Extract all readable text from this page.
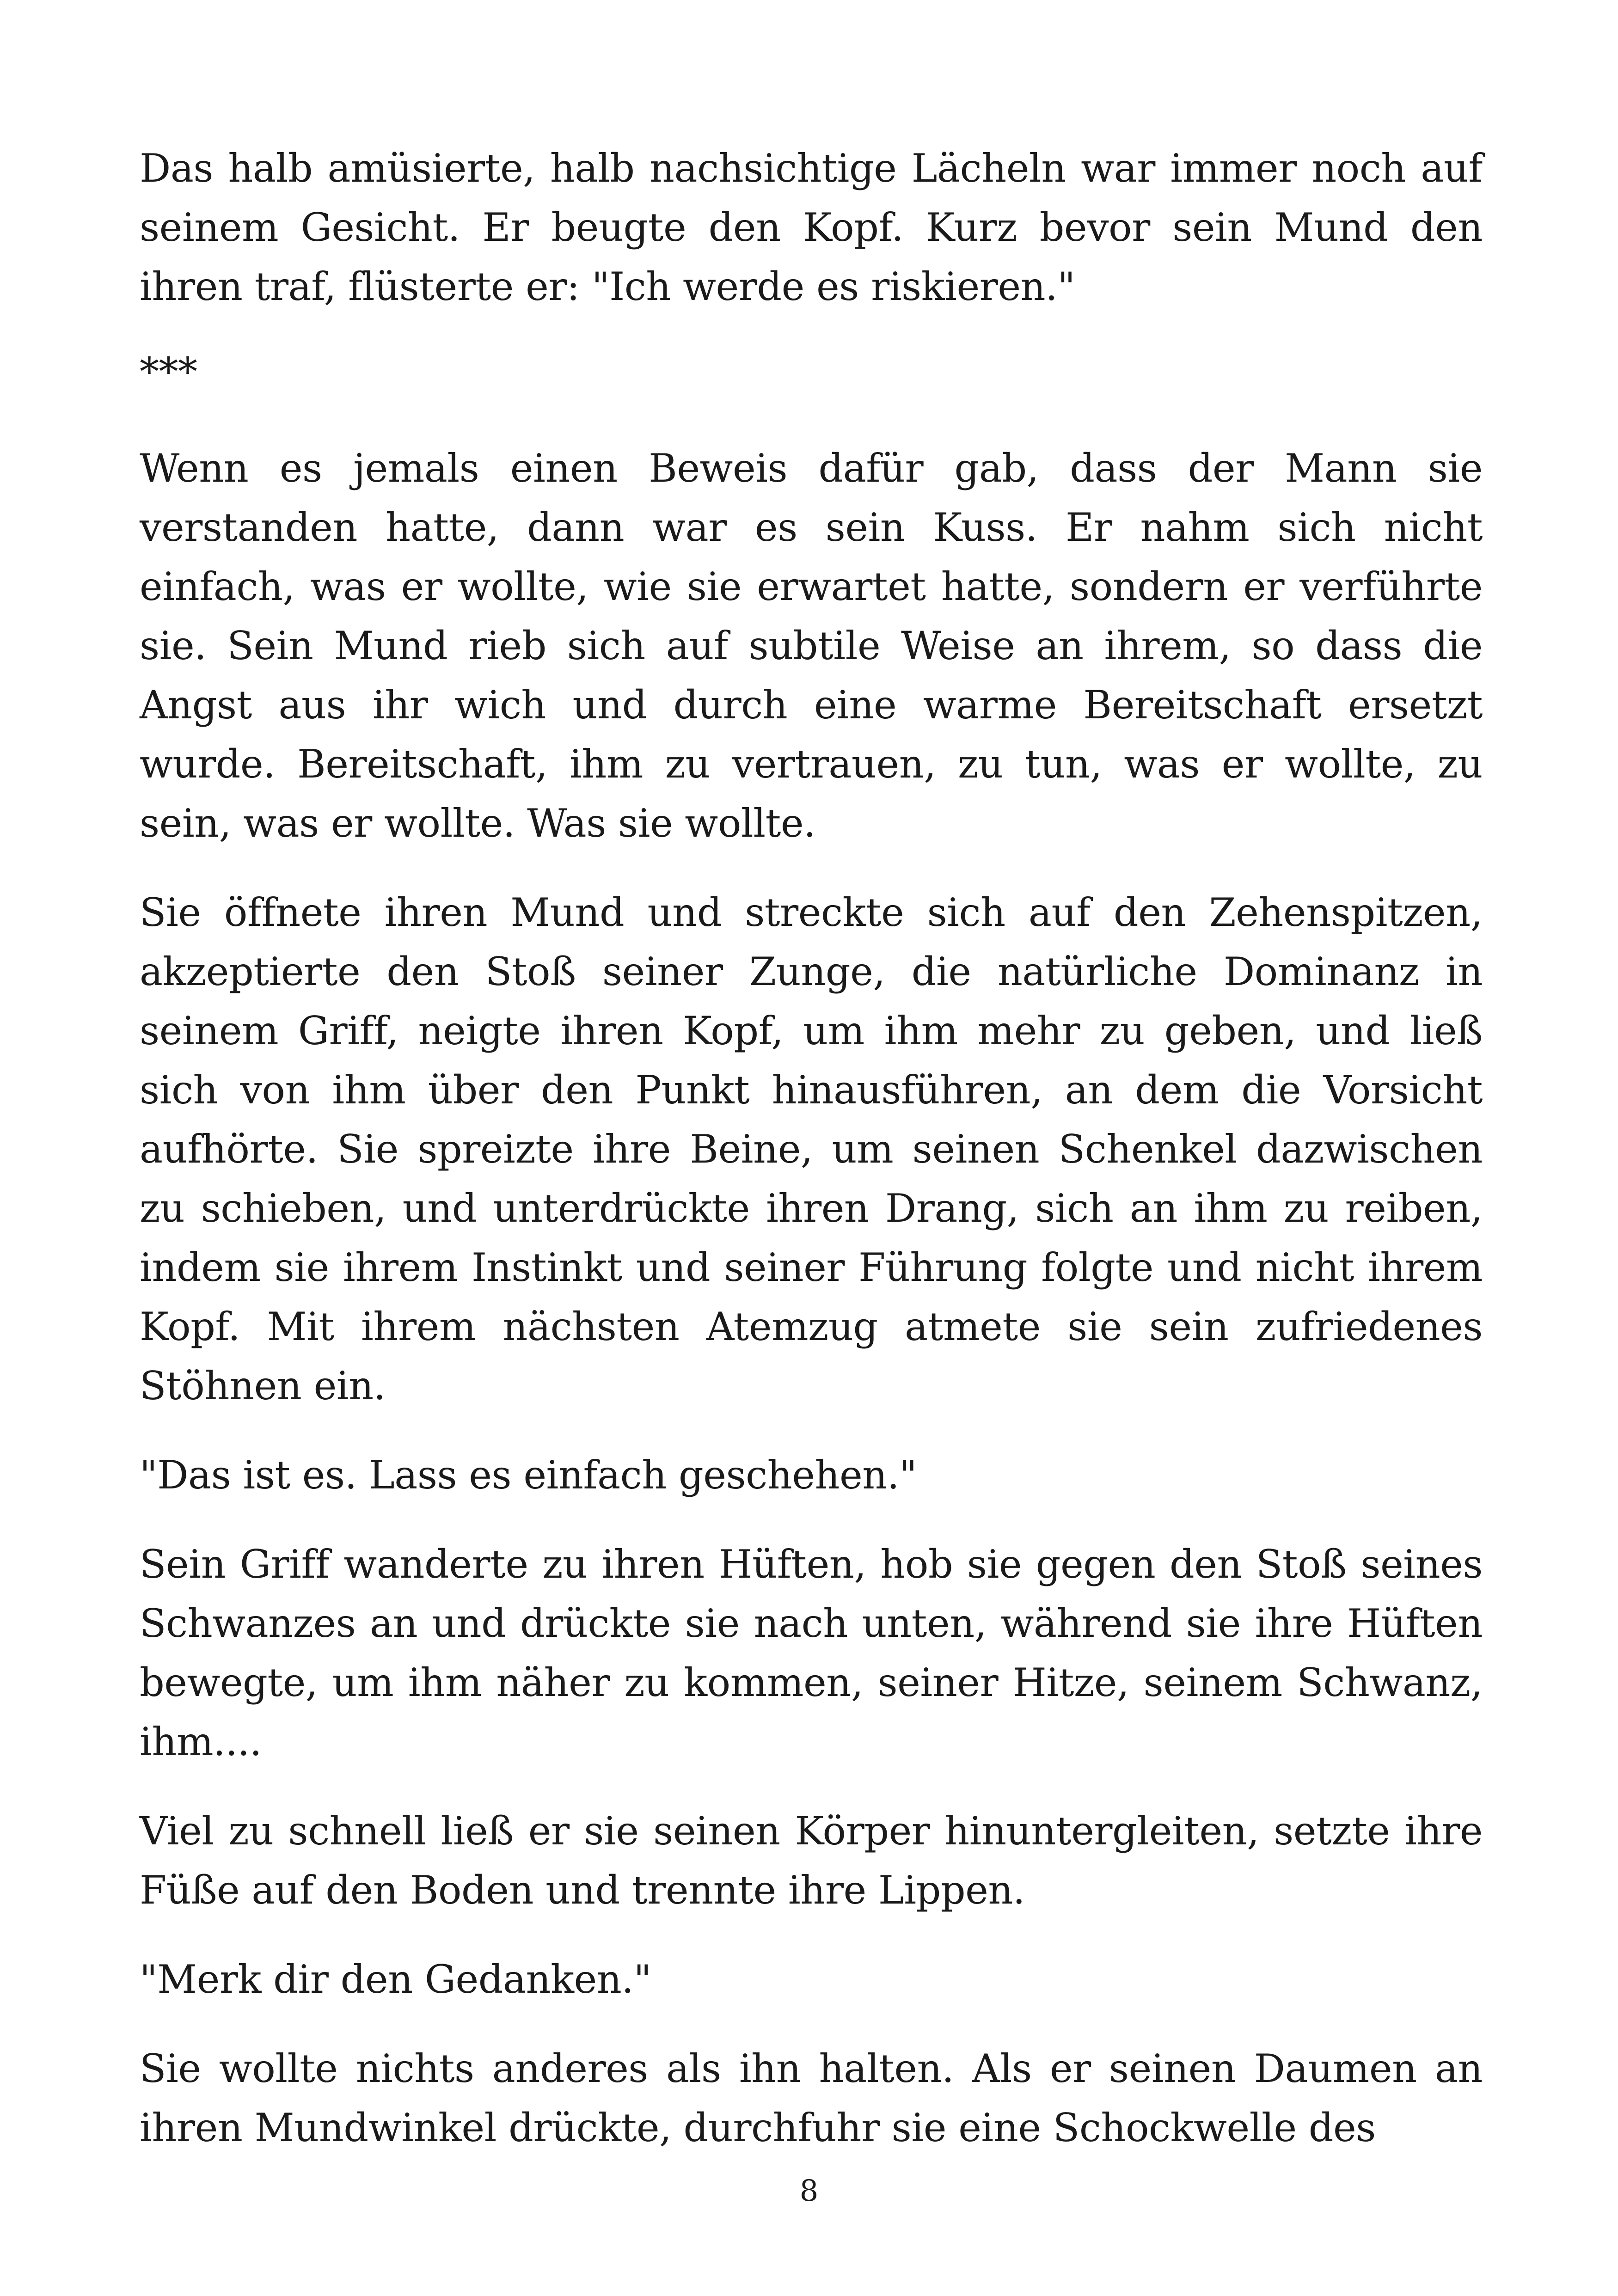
Das halb amüsierte, halb nachsichtige Lächeln war immer noch auf seinem Gesicht. Er beugte den Kopf. Kurz bevor sein Mund den ihren traf, flüsterte er: "Ich werde es riskieren."

***

Wenn es jemals einen Beweis dafür gab, dass der Mann sie verstanden hatte, dann war es sein Kuss. Er nahm sich nicht einfach, was er wollte, wie sie erwartet hatte, sondern er verführte sie. Sein Mund rieb sich auf subtile Weise an ihrem, so dass die Angst aus ihr wich und durch eine warme Bereitschaft ersetzt wurde. Bereitschaft, ihm zu vertrauen, zu tun, was er wollte, zu sein, was er wollte. Was sie wollte.

Sie öffnete ihren Mund und streckte sich auf den Zehenspitzen, akzeptierte den Stoß seiner Zunge, die natürliche Dominanz in seinem Griff, neigte ihren Kopf, um ihm mehr zu geben, und ließ sich von ihm über den Punkt hinausführen, an dem die Vorsicht aufhörte. Sie spreizte ihre Beine, um seinen Schenkel dazwischen zu schieben, und unterdrückte ihren Drang, sich an ihm zu reiben, indem sie ihrem Instinkt und seiner Führung folgte und nicht ihrem Kopf. Mit ihrem nächsten Atemzug atmete sie sein zufriedenes Stöhnen ein.

"Das ist es. Lass es einfach geschehen."

Sein Griff wanderte zu ihren Hüften, hob sie gegen den Stoß seines Schwanzes an und drückte sie nach unten, während sie ihre Hüften bewegte, um ihm näher zu kommen, seiner Hitze, seinem Schwanz, ihm....

Viel zu schnell ließ er sie seinen Körper hinuntergleiten, setzte ihre Füße auf den Boden und trennte ihre Lippen.

"Merk dir den Gedanken."

Sie wollte nichts anderes als ihn halten. Als er seinen Daumen an ihren Mundwinkel drückte, durchfuhr sie eine Schockwelle des

8
